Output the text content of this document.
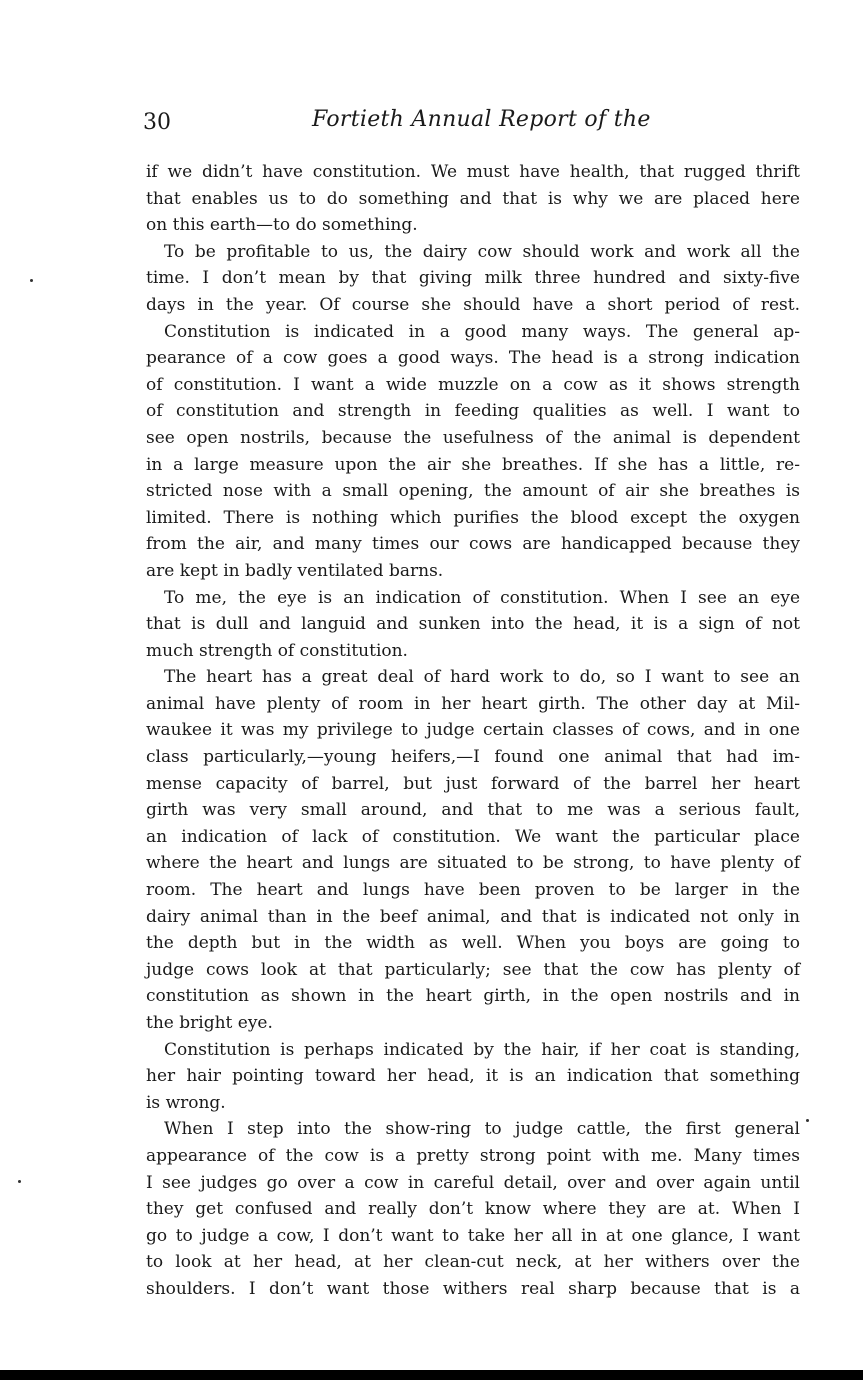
30	Fortieth Annual Report of the
if we didn’t have constitution. We must have health, that rugged thrift
that enables us to do something and that is why we are placed here
on this earth—to do something.
To be profitable to us, the dairy cow should work and work all the
time. I don’t mean by that giving milk three hundred and sixty-five
days in the year. Of course she should have a short period of rest.
Constitution is indicated in a good many ways. The general ap-
pearance of a cow goes a good ways. The head is a strong indication
of constitution. I want a wide muzzle on a cow as it shows strength
of constitution and strength in feeding qualities as well. I want to
see open nostrils, because the usefulness of the animal is dependent
in a large measure upon the air she breathes. If she has a little, re-
stricted nose with a small opening, the amount of air she breathes is
limited. There is nothing which purifies the blood except the oxygen
from the air, and many times our cows are handicapped because they
are kept in badly ventilated barns.
To me, the eye is an indication of constitution. When I see an eye
that is dull and languid and sunken into the head, it is a sign of not
much strength of constitution.
The heart has a great deal of hard work to do, so I want to see an
animal have plenty of room in her heart girth. The other day at Mil-
waukee it was my privilege to judge certain classes of cows, and in one
class particularly,—young heifers,—I found one animal that had im-
mense capacity of barrel, but just forward of the barrel her heart
girth was very small around, and that to me was a serious fault,
an indication of lack of constitution. We want the particular place
where the heart and lungs are situated to be strong, to have plenty of
room. The heart and lungs have been proven to be larger in the
dairy animal than in the beef animal, and that is indicated not only in
the depth but in the width as well. When you boys are going to
judge cows look at that particularly; see that the cow has plenty of
constitution as shown in the heart girth, in the open nostrils and in
the bright eye.
Constitution is perhaps indicated by the hair, if her coat is standing,
her hair pointing toward her head, it is an indication that something
is wrong.
When I step into the show-ring to judge cattle, the first general
appearance of the cow is a pretty strong point with me. Many times
I see judges go over a cow in careful detail, over and over again until
they get confused and really don’t know where they are at. When I
go to judge a cow, I don’t want to take her all in at one glance, I want
to look at her head, at her clean-cut neck, at her withers over the
shoulders. I don’t want those withers real sharp because that is a
